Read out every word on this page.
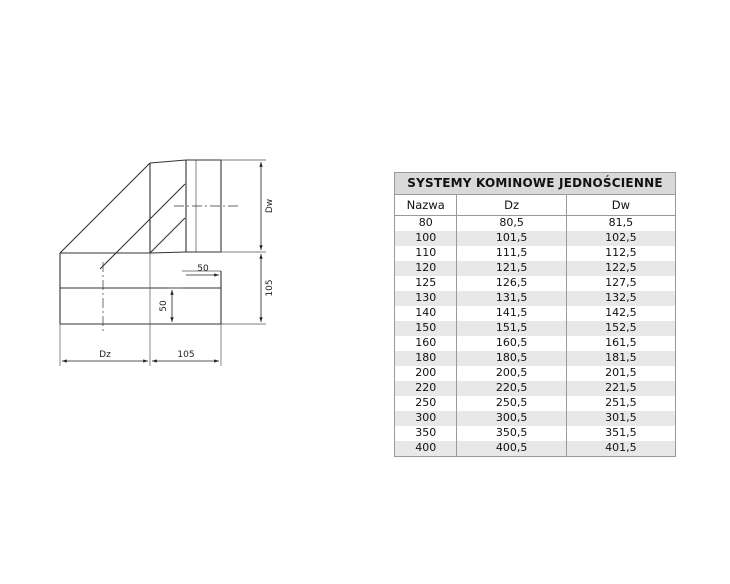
Dw
105
Dz	105
50
50
SYSTEMY KOMINOWE JEDNOŚCIENNE		
Nazwa	Dz	Dw
80	80,5	81,5
100	101,5	102,5
110	111,5	112,5
120	121,5	122,5
125	126,5	127,5
130	131,5	132,5
140	141,5	142,5
150	151,5	152,5
160	160,5	161,5
180	180,5	181,5
200	200,5	201,5
220	220,5	221,5
250	250,5	251,5
300	300,5	301,5
350	350,5	351,5
400	400,5	401,5
